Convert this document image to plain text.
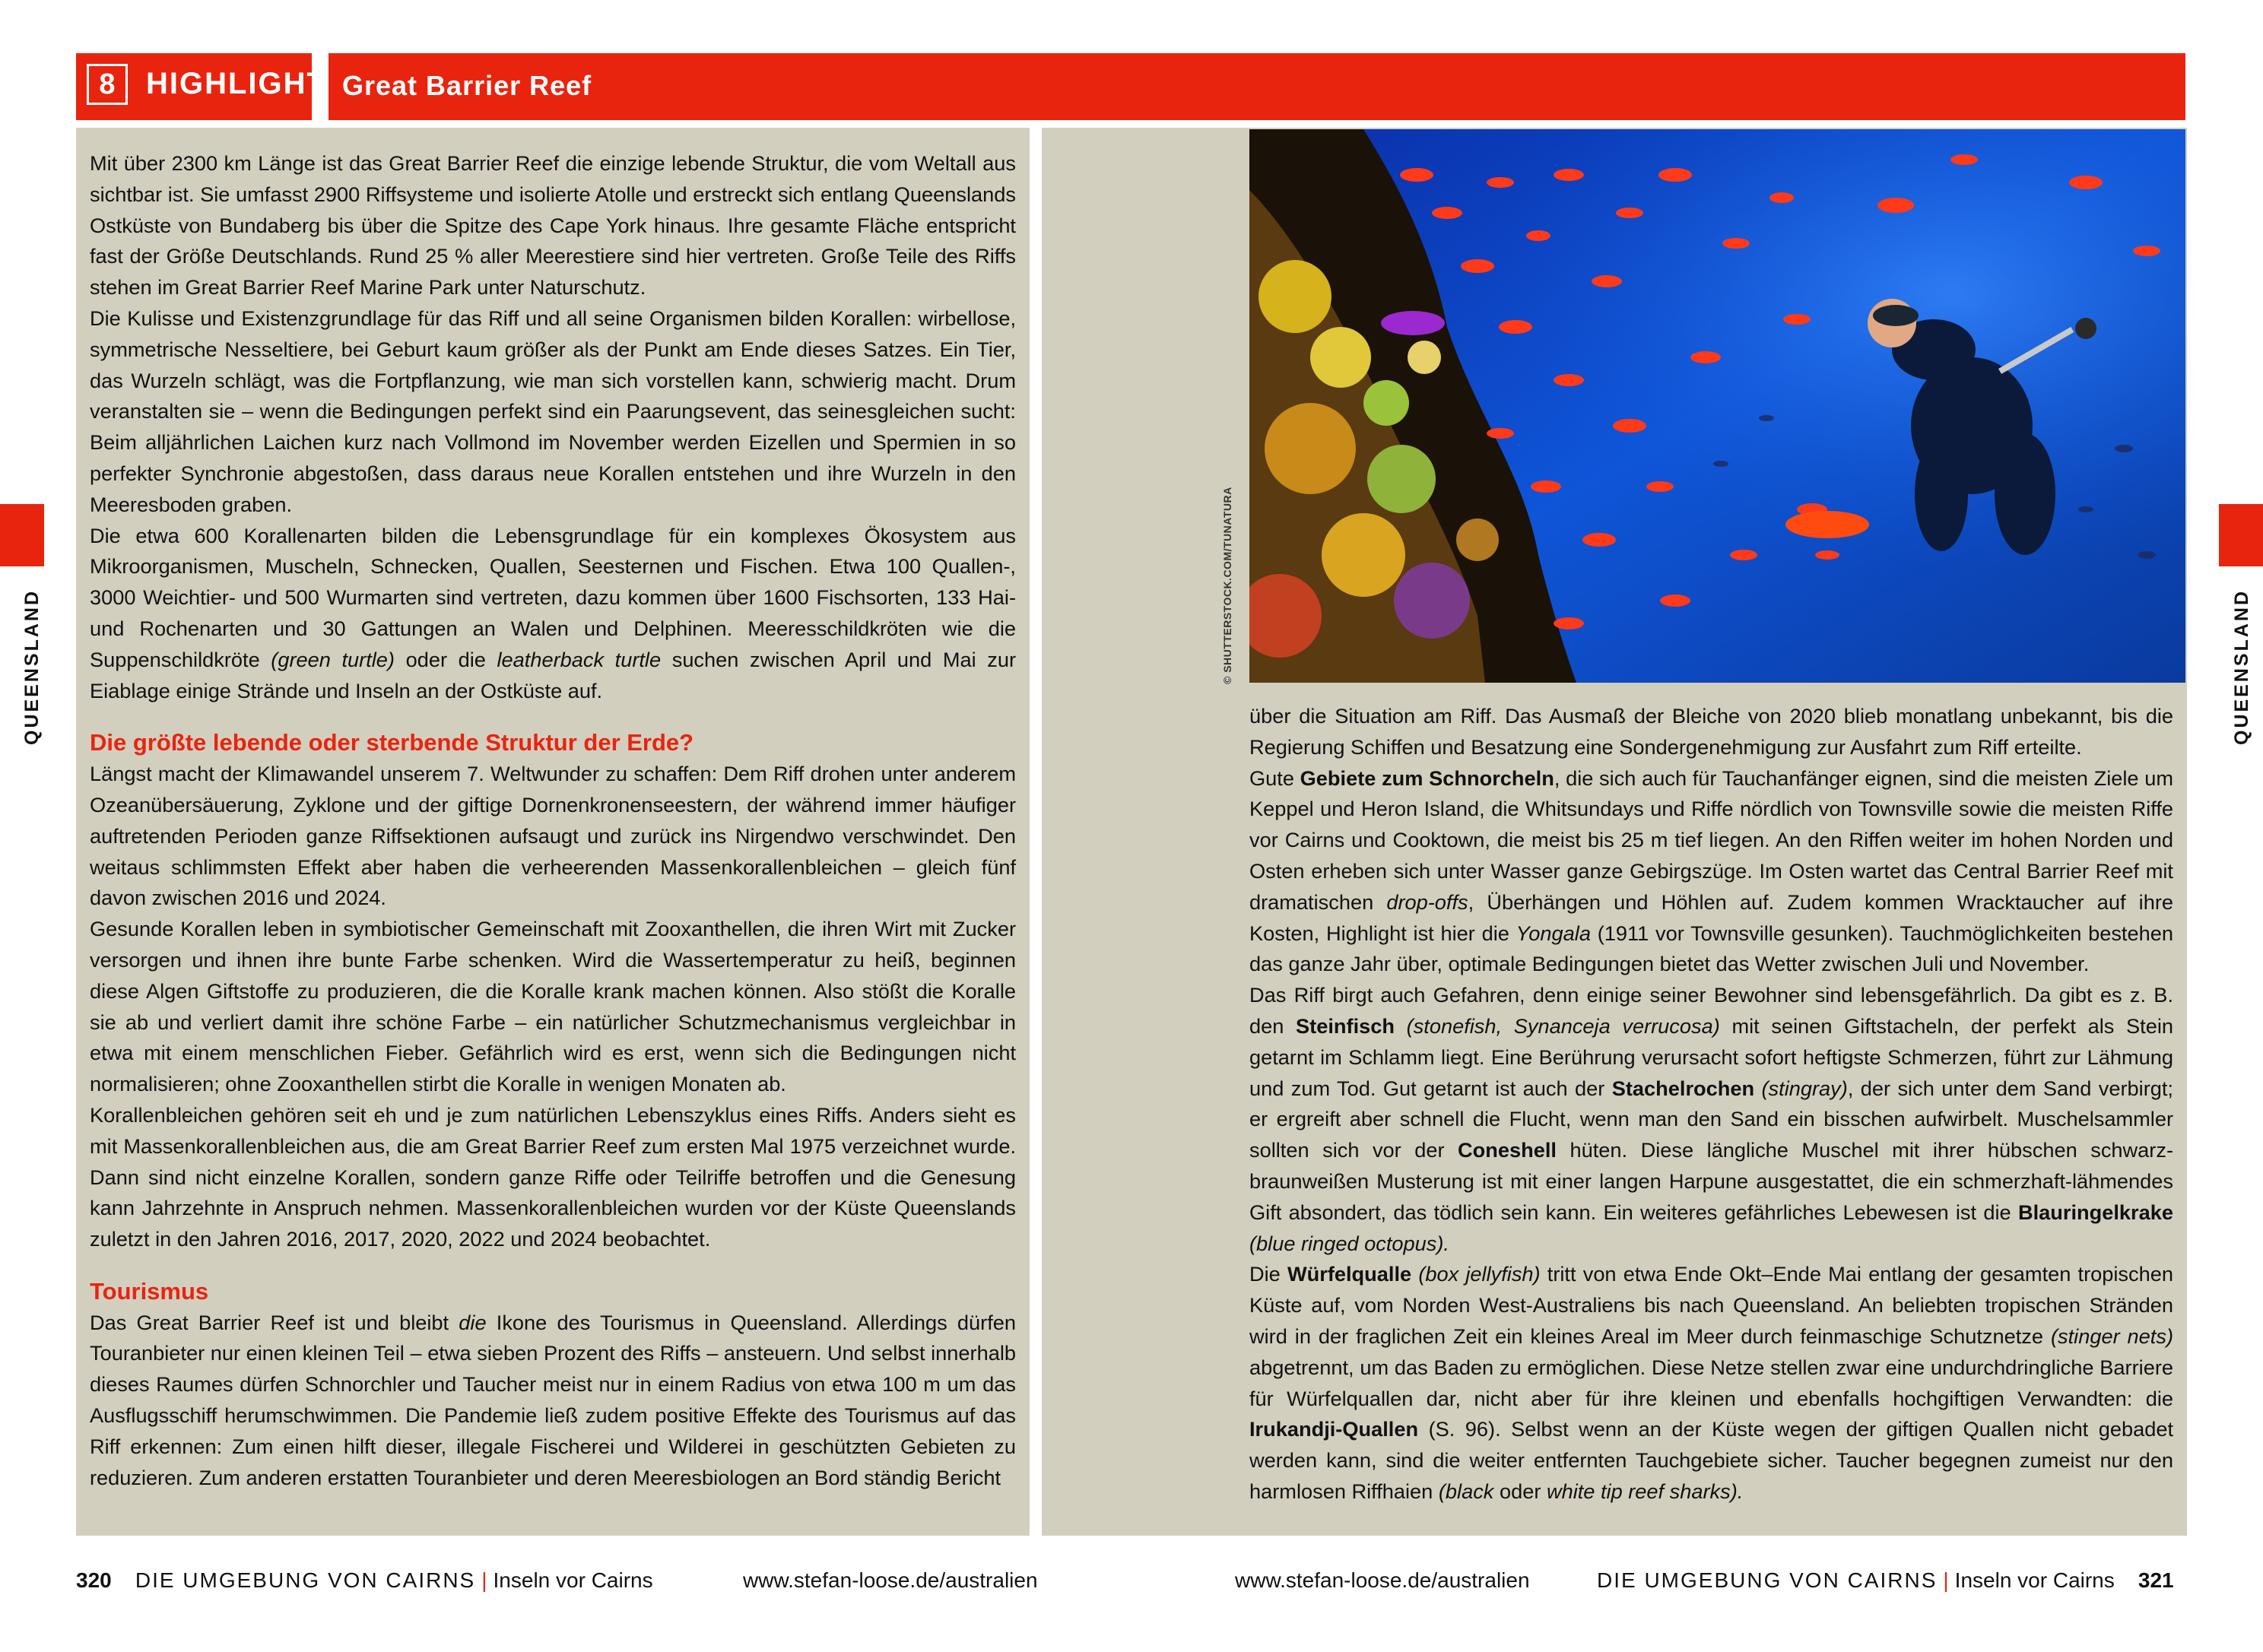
8	HIGHLIGHT Great Barrier Reef
QUEENSLAND	QUEENSLAND

Mit über 2300 km Länge ist das Great Barrier Reef die einzige lebende Struktur, die vom Weltall aus sichtbar ist. Sie umfasst 2900 Riffsysteme und isolierte Atolle und erstreckt sich entlang Queenslands Ostküste von Bundaberg bis über die Spitze des Cape York hinaus. Ihre gesamte Fläche entspricht fast der Größe Deutschlands. Rund 25 % aller Meerestiere sind hier vertreten. Große Teile des Riffs stehen im Great Barrier Reef Marine Park unter Naturschutz.

Die Kulisse und Existenzgrundlage für das Riff und all seine Organismen bilden Korallen: wirbellose, symmetrische Nesseltiere, bei Geburt kaum größer als der Punkt am Ende dieses Satzes. Ein Tier, das Wurzeln schlägt, was die Fortpflanzung, wie man sich vorstellen kann, schwierig macht. Drum veranstalten sie – wenn die Bedingungen perfekt sind ein Paarungsevent, das seinesgleichen sucht: Beim alljährlichen Laichen kurz nach Vollmond im November werden Eizellen und Spermien in so perfekter Synchronie abgestoßen, dass daraus neue Korallen entstehen und ihre Wurzeln in den Meeresboden graben.

Die etwa 600 Korallenarten bilden die Lebensgrundlage für ein komplexes Ökosystem aus Mikroorganismen, Muscheln, Schnecken, Quallen, Seesternen und Fischen. Etwa 100 Quallen-, 3000 Weichtier- und 500 Wurmarten sind vertreten, dazu kommen über 1600 Fischsorten, 133 Hai- und Rochenarten und 30 Gattungen an Walen und Delphinen. Meeresschildkröten wie die Suppenschildkröte (green turtle) oder die leatherback turtle suchen zwischen April und Mai zur Eiablage einige Strände und Inseln an der Ostküste auf.

Die größte lebende oder sterbende Struktur der Erde?

Längst macht der Klimawandel unserem 7. Weltwunder zu schaffen: Dem Riff drohen unter anderem Ozeanübersäuerung, Zyklone und der giftige Dornenkronenseestern, der während immer häufiger auftretenden Perioden ganze Riffsektionen aufsaugt und zurück ins Nirgendwo verschwindet. Den weitaus schlimmsten Effekt aber haben die verheerenden Massenkorallenbleichen – gleich fünf davon zwischen 2016 und 2024.

Gesunde Korallen leben in symbiotischer Gemeinschaft mit Zooxanthellen, die ihren Wirt mit Zucker versorgen und ihnen ihre bunte Farbe schenken. Wird die Wassertemperatur zu heiß, beginnen diese Algen Giftstoffe zu produzieren, die die Koralle krank machen können. Also stößt die Koralle sie ab und verliert damit ihre schöne Farbe – ein natürlicher Schutzmechanismus vergleichbar in etwa mit einem menschlichen Fieber. Gefährlich wird es erst, wenn sich die Bedingungen nicht normalisieren; ohne Zooxanthellen stirbt die Koralle in wenigen Monaten ab.

Korallenbleichen gehören seit eh und je zum natürlichen Lebenszyklus eines Riffs. Anders sieht es mit Massenkorallenbleichen aus, die am Great Barrier Reef zum ersten Mal 1975 verzeichnet wurde. Dann sind nicht einzelne Korallen, sondern ganze Riffe oder Teilriffe betroffen und die Genesung kann Jahrzehnte in Anspruch nehmen. Massenkorallenbleichen wurden vor der Küste Queenslands zuletzt in den Jahren 2016, 2017, 2020, 2022 und 2024 beobachtet.

Tourismus

Das Great Barrier Reef ist und bleibt die Ikone des Tourismus in Queensland. Allerdings dürfen Touranbieter nur einen kleinen Teil – etwa sieben Prozent des Riffs – ansteuern. Und selbst innerhalb dieses Raumes dürfen Schnorchler und Taucher meist nur in einem Radius von etwa 100 m um das Ausflugsschiff herumschwimmen. Die Pandemie ließ zudem positive Effekte des Tourismus auf das Riff erkennen: Zum einen hilft dieser, illegale Fischerei und Wilderei in geschützten Gebieten zu reduzieren. Zum anderen erstatten Touranbieter und deren Meeresbiologen an Bord ständig Bericht

© SHUTTERSTOCK.COM/TUNATURA

über die Situation am Riff. Das Ausmaß der Bleiche von 2020 blieb monatlang unbekannt, bis die Regierung Schiffen und Besatzung eine Sondergenehmigung zur Ausfahrt zum Riff erteilte.

Gute Gebiete zum Schnorcheln, die sich auch für Tauchanfänger eignen, sind die meisten Ziele um Keppel und Heron Island, die Whitsundays und Riffe nördlich von Townsville sowie die meisten Riffe vor Cairns und Cooktown, die meist bis 25 m tief liegen. An den Riffen weiter im hohen Norden und Osten erheben sich unter Wasser ganze Gebirgszüge. Im Osten wartet das Central Barrier Reef mit dramatischen drop-offs, Überhängen und Höhlen auf. Zudem kommen Wracktaucher auf ihre Kosten, Highlight ist hier die Yongala (1911 vor Townsville gesunken). Tauchmöglichkeiten bestehen das ganze Jahr über, optimale Bedingungen bietet das Wetter zwischen Juli und November.

Das Riff birgt auch Gefahren, denn einige seiner Bewohner sind lebensgefährlich. Da gibt es z. B. den Steinfisch (stonefish, Synanceja verrucosa) mit seinen Giftstacheln, der perfekt als Stein getarnt im Schlamm liegt. Eine Berührung verursacht sofort heftigste Schmerzen, führt zur Lähmung und zum Tod. Gut getarnt ist auch der Stachelrochen (stingray), der sich unter dem Sand verbirgt; er ergreift aber schnell die Flucht, wenn man den Sand ein bisschen aufwirbelt. Muschelsammler sollten sich vor der Coneshell hüten. Diese längliche Muschel mit ihrer hübschen schwarz-braunweißen Musterung ist mit einer langen Harpune ausgestattet, die ein schmerzhaft-lähmendes Gift absondert, das tödlich sein kann. Ein weiteres gefährliches Lebewesen ist die Blauringelkrake (blue ringed octopus).

Die Würfelqualle (box jellyfish) tritt von etwa Ende Okt–Ende Mai entlang der gesamten tropischen Küste auf, vom Norden West-Australiens bis nach Queensland. An beliebten tropischen Stränden wird in der fraglichen Zeit ein kleines Areal im Meer durch feinmaschige Schutznetze (stinger nets) abgetrennt, um das Baden zu ermöglichen. Diese Netze stellen zwar eine undurchdringliche Barriere für Würfelquallen dar, nicht aber für ihre kleinen und ebenfalls hochgiftigen Verwandten: die Irukandji-Quallen (S. 96). Selbst wenn an der Küste wegen der giftigen Quallen nicht gebadet werden kann, sind die weiter entfernten Tauchgebiete sicher. Taucher begegnen zumeist nur den harmlosen Riffhaien (black oder white tip reef sharks).

320 DIE UMGEBUNG VON CAIRNS | Inseln vor Cairns	www.stefan-loose.de/australien	www.stefan-loose.de/australien	DIE UMGEBUNG VON CAIRNS | Inseln vor Cairns 321
